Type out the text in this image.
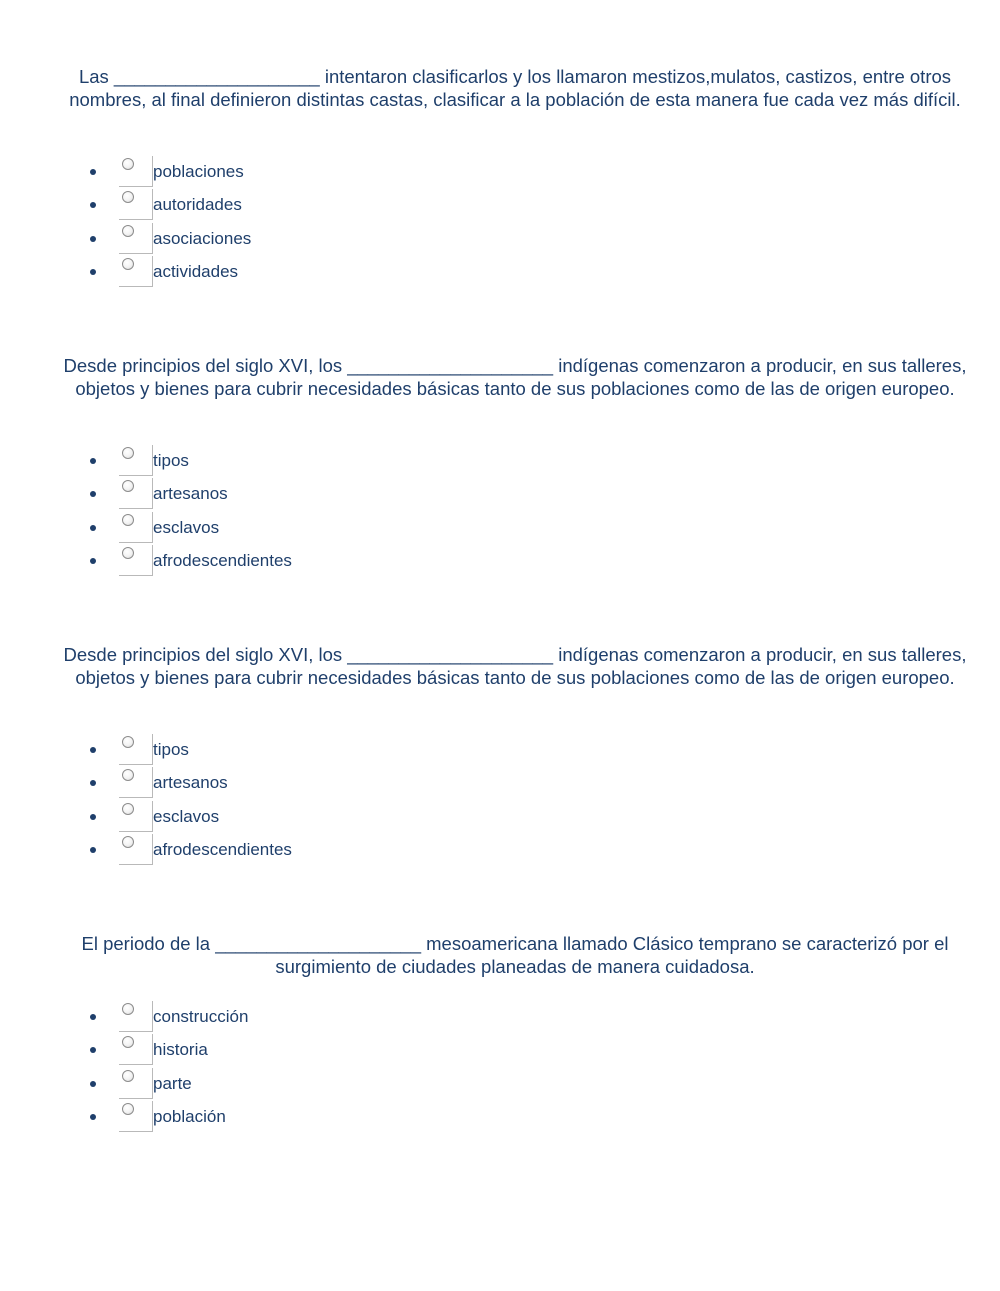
Las ____________________ intentaron clasificarlos y los llamaron mestizos,mulatos, castizos, entre otros nombres, al final definieron distintas castas, clasificar a la población de esta manera fue cada vez más difícil.

poblaciones
autoridades
asociaciones
actividades

Desde principios del siglo XVI, los ____________________ indígenas comenzaron a producir, en sus talleres, objetos y bienes para cubrir necesidades básicas tanto de sus poblaciones como de las de origen europeo.

tipos
artesanos
esclavos
afrodescendientes

Desde principios del siglo XVI, los ____________________ indígenas comenzaron a producir, en sus talleres, objetos y bienes para cubrir necesidades básicas tanto de sus poblaciones como de las de origen europeo.

tipos
artesanos
esclavos
afrodescendientes

El periodo de la ____________________ mesoamericana llamado Clásico temprano se caracterizó por el surgimiento de ciudades planeadas de manera cuidadosa.

construcción
historia
parte
población
